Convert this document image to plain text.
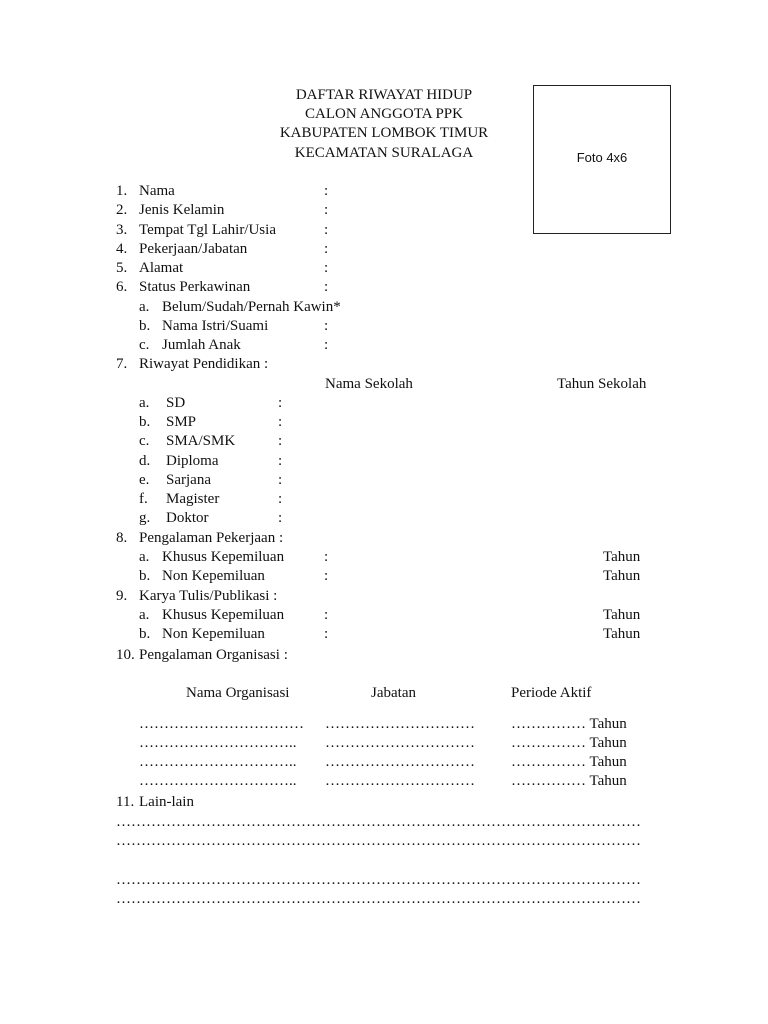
DAFTAR RIWAYAT HIDUP
CALON ANGGOTA PPK
KABUPATEN LOMBOK TIMUR
KECAMATAN SURALAGA	Foto 4x6
1. Nama	:
2. Jenis Kelamin	:
3. Tempat Tgl Lahir/Usia	:
4. Pekerjaan/Jabatan	:
5. Alamat	:
6. Status Perkawinan	:
a. Belum/Sudah/Pernah Kawin*
b. Nama Istri/Suami	:
c. Jumlah Anak	:
7. Riwayat Pendidikan :
Nama Sekolah	Tahun Sekolah
a. SD	:
b. SMP	:
c. SMA/SMK	:
d. Diploma	:
e. Sarjana	:
f. Magister	:
g. Doktor	:
8. Pengalaman Pekerjaan :
a. Khusus Kepemiluan	:	Tahun
b. Non Kepemiluan	:	Tahun
9. Karya Tulis/Publikasi :
a. Khusus Kepemiluan	:	Tahun
b. Non Kepemiluan	:	Tahun
10. Pengalaman Organisasi :
Nama Organisasi	Jabatan	Periode Aktif
…………………………… ………………………… …………… Tahun
………………………….. ………………………… …………… Tahun
………………………….. ………………………… …………… Tahun
………………………….. ………………………… …………… Tahun
11. Lain-lain
……………………………………………………………………………………………
……………………………………………………………………………………………
……………………………………………………………………………………………
……………………………………………………………………………………………
